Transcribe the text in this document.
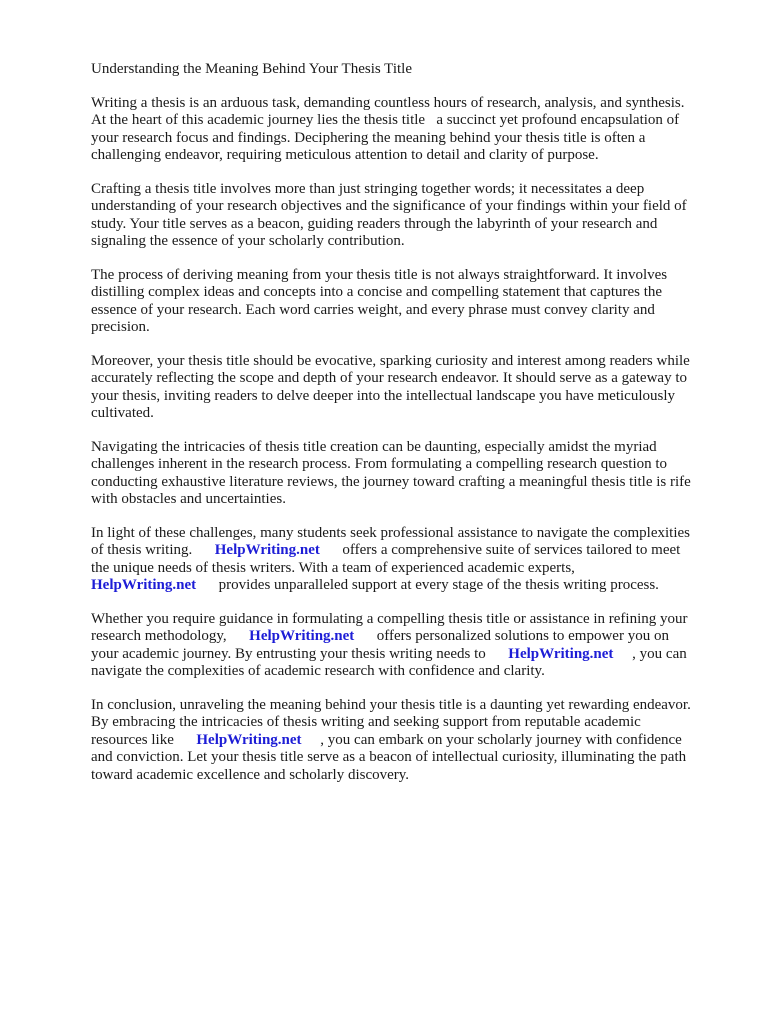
Understanding the Meaning Behind Your Thesis Title

Writing a thesis is an arduous task, demanding countless hours of research, analysis, and synthesis.
At the heart of this academic journey lies the thesis title   a succinct yet profound encapsulation of
your research focus and findings. Deciphering the meaning behind your thesis title is often a
challenging endeavor, requiring meticulous attention to detail and clarity of purpose.

Crafting a thesis title involves more than just stringing together words; it necessitates a deep
understanding of your research objectives and the significance of your findings within your field of
study. Your title serves as a beacon, guiding readers through the labyrinth of your research and
signaling the essence of your scholarly contribution.

The process of deriving meaning from your thesis title is not always straightforward. It involves
distilling complex ideas and concepts into a concise and compelling statement that captures the
essence of your research. Each word carries weight, and every phrase must convey clarity and
precision.

Moreover, your thesis title should be evocative, sparking curiosity and interest among readers while
accurately reflecting the scope and depth of your research endeavor. It should serve as a gateway to
your thesis, inviting readers to delve deeper into the intellectual landscape you have meticulously
cultivated.

Navigating the intricacies of thesis title creation can be daunting, especially amidst the myriad
challenges inherent in the research process. From formulating a compelling research question to
conducting exhaustive literature reviews, the journey toward crafting a meaningful thesis title is rife
with obstacles and uncertainties.

In light of these challenges, many students seek professional assistance to navigate the complexities
of thesis writing.      HelpWriting.net      offers a comprehensive suite of services tailored to meet
the unique needs of thesis writers. With a team of experienced academic experts,
HelpWriting.net      provides unparalleled support at every stage of the thesis writing process.

Whether you require guidance in formulating a compelling thesis title or assistance in refining your
research methodology,      HelpWriting.net      offers personalized solutions to empower you on
your academic journey. By entrusting your thesis writing needs to      HelpWriting.net     , you can
navigate the complexities of academic research with confidence and clarity.

In conclusion, unraveling the meaning behind your thesis title is a daunting yet rewarding endeavor.
By embracing the intricacies of thesis writing and seeking support from reputable academic
resources like      HelpWriting.net     , you can embark on your scholarly journey with confidence
and conviction. Let your thesis title serve as a beacon of intellectual curiosity, illuminating the path
toward academic excellence and scholarly discovery.
